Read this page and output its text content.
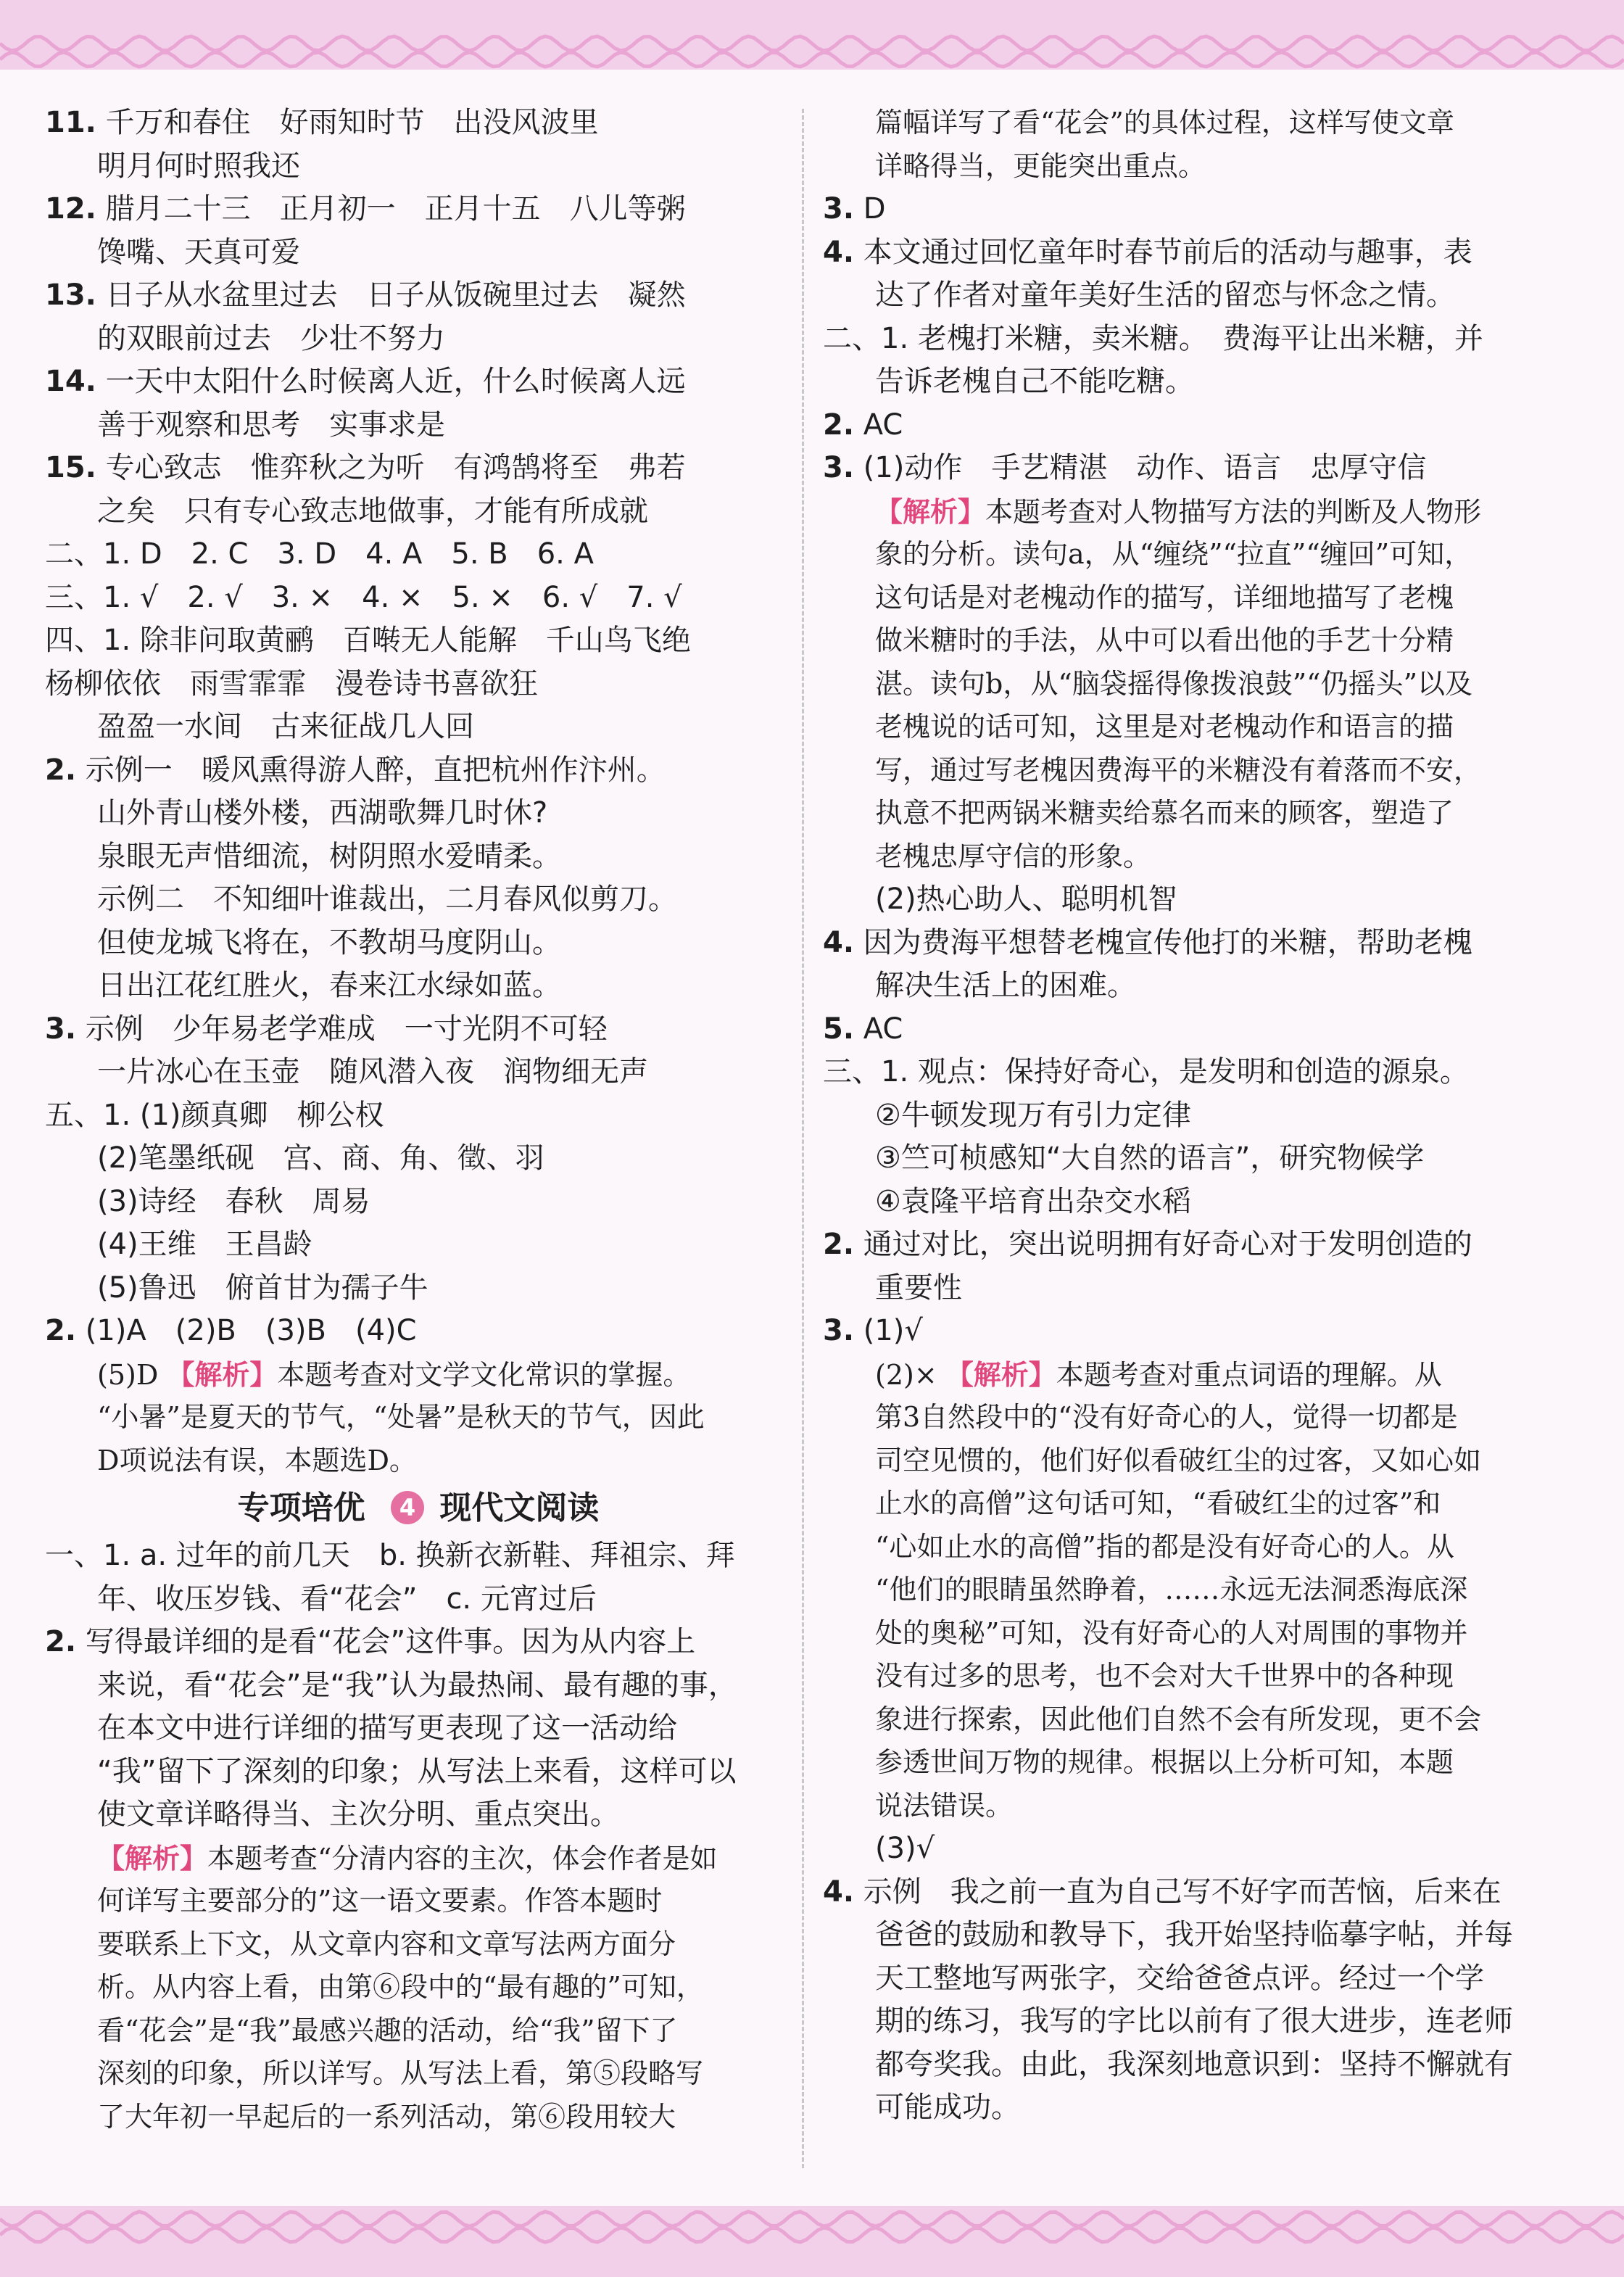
11. 千万和春住　好雨知时节　出没风波里
明月何时照我还
12. 腊月二十三　正月初一　正月十五　八儿等粥
馋嘴、天真可爱
13. 日子从水盆里过去　日子从饭碗里过去　凝然
的双眼前过去　少壮不努力
14. 一天中太阳什么时候离人近，什么时候离人远
善于观察和思考　实事求是
15. 专心致志　惟弈秋之为听　有鸿鹄将至　弗若
之矣　只有专心致志地做事，才能有所成就
二、1. D　2. C　3. D　4. A　5. B　6. A
三、1. √　2. √　3. ×　4. ×　5. ×　6. √　7. √
四、1. 除非问取黄鹂　百啭无人能解　千山鸟飞绝
杨柳依依　雨雪霏霏　漫卷诗书喜欲狂
盈盈一水间　古来征战几人回
2. 示例一　暖风熏得游人醉，直把杭州作汴州。
山外青山楼外楼，西湖歌舞几时休?
泉眼无声惜细流，树阴照水爱晴柔。
示例二　不知细叶谁裁出，二月春风似剪刀。
但使龙城飞将在，不教胡马度阴山。
日出江花红胜火，春来江水绿如蓝。
3. 示例　少年易老学难成　一寸光阴不可轻
一片冰心在玉壶　随风潜入夜　润物细无声
五、1. (1)颜真卿　柳公权
(2)笔墨纸砚　宫、商、角、徵、羽
(3)诗经　春秋　周易
(4)王维　王昌龄
(5)鲁迅　俯首甘为孺子牛
2. (1)A　(2)B　(3)B　(4)C
(5)D 【解析】本题考查对文学文化常识的掌握。
“小暑”是夏天的节气，“处暑”是秋天的节气，因此
D项说法有误，本题选D。
专项培优 4 现代文阅读
一、1. a. 过年的前几天　b. 换新衣新鞋、拜祖宗、拜
年、收压岁钱、看“花会”　c. 元宵过后
2. 写得最详细的是看“花会”这件事。因为从内容上
来说，看“花会”是“我”认为最热闹、最有趣的事，
在本文中进行详细的描写更表现了这一活动给
“我”留下了深刻的印象；从写法上来看，这样可以
使文章详略得当、主次分明、重点突出。
【解析】本题考查“分清内容的主次，体会作者是如
何详写主要部分的”这一语文要素。作答本题时
要联系上下文，从文章内容和文章写法两方面分
析。从内容上看，由第⑥段中的“最有趣的”可知，
看“花会”是“我”最感兴趣的活动，给“我”留下了
深刻的印象，所以详写。从写法上看，第⑤段略写
了大年初一早起后的一系列活动，第⑥段用较大
篇幅详写了看“花会”的具体过程，这样写使文章
详略得当，更能突出重点。
3. D
4. 本文通过回忆童年时春节前后的活动与趣事，表
达了作者对童年美好生活的留恋与怀念之情。
二、1. 老槐打米糖，卖米糖。　费海平让出米糖，并
告诉老槐自己不能吃糖。
2. AC
3. (1)动作　手艺精湛　动作、语言　忠厚守信
【解析】本题考查对人物描写方法的判断及人物形
象的分析。读句a，从“缠绕”“拉直”“缠回”可知，
这句话是对老槐动作的描写，详细地描写了老槐
做米糖时的手法，从中可以看出他的手艺十分精
湛。读句b，从“脑袋摇得像拨浪鼓”“仍摇头”以及
老槐说的话可知，这里是对老槐动作和语言的描
写，通过写老槐因费海平的米糖没有着落而不安，
执意不把两锅米糖卖给慕名而来的顾客，塑造了
老槐忠厚守信的形象。
(2)热心助人、聪明机智
4. 因为费海平想替老槐宣传他打的米糖，帮助老槐
解决生活上的困难。
5. AC
三、1. 观点：保持好奇心，是发明和创造的源泉。
②牛顿发现万有引力定律
③竺可桢感知“大自然的语言”，研究物候学
④袁隆平培育出杂交水稻
2. 通过对比，突出说明拥有好奇心对于发明创造的
重要性
3. (1)√
(2)× 【解析】本题考查对重点词语的理解。从
第3自然段中的“没有好奇心的人，觉得一切都是
司空见惯的，他们好似看破红尘的过客，又如心如
止水的高僧”这句话可知，“看破红尘的过客”和
“心如止水的高僧”指的都是没有好奇心的人。从
“他们的眼睛虽然睁着，……永远无法洞悉海底深
处的奥秘”可知，没有好奇心的人对周围的事物并
没有过多的思考，也不会对大千世界中的各种现
象进行探索，因此他们自然不会有所发现，更不会
参透世间万物的规律。根据以上分析可知，本题
说法错误。
(3)√
4. 示例　我之前一直为自己写不好字而苦恼，后来在
爸爸的鼓励和教导下，我开始坚持临摹字帖，并每
天工整地写两张字，交给爸爸点评。经过一个学
期的练习，我写的字比以前有了很大进步，连老师
都夸奖我。由此，我深刻地意识到：坚持不懈就有
可能成功。
